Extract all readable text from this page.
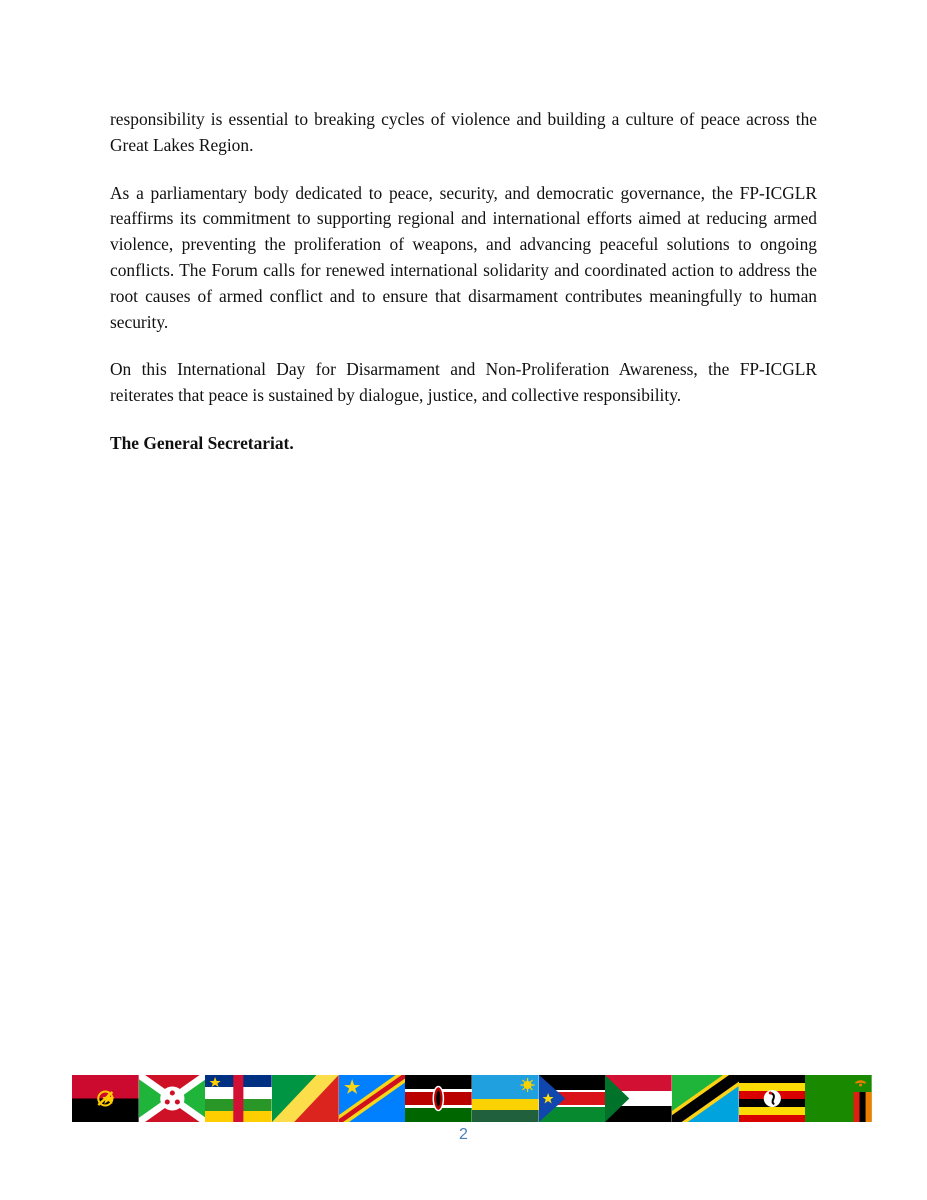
responsibility is essential to breaking cycles of violence and building a culture of peace across the Great Lakes Region.

As a parliamentary body dedicated to peace, security, and democratic governance, the FP-ICGLR reaffirms its commitment to supporting regional and international efforts aimed at reducing armed violence, preventing the proliferation of weapons, and advancing peaceful solutions to ongoing conflicts. The Forum calls for renewed international solidarity and coordinated action to address the root causes of armed conflict and to ensure that disarmament contributes meaningfully to human security.

On this International Day for Disarmament and Non-Proliferation Awareness, the FP-ICGLR reiterates that peace is sustained by dialogue, justice, and collective responsibility.

The General Secretariat.

2
